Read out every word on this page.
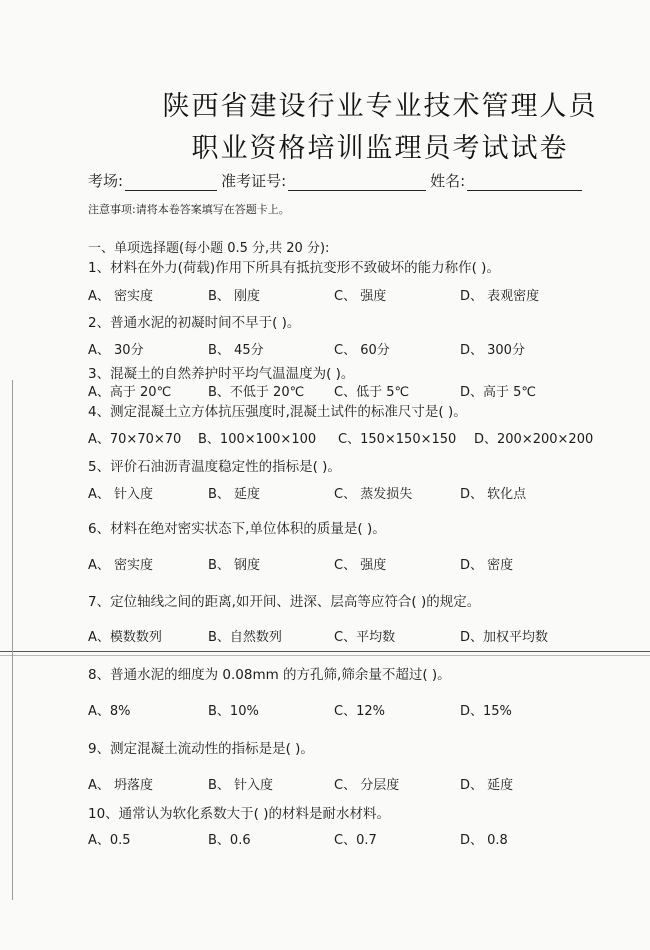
陕西省建设行业专业技术管理人员
职业资格培训监理员考试试卷
考场:	准考证号:	姓名:
注意事项:请将本卷答案填写在答题卡上。
一、单项选择题(每小题 0.5 分,共 20 分):
1、材料在外力(荷载)作用下所具有抵抗变形不致破坏的能力称作( )。
A、 密实度	B、 刚度	C、 强度	D、 表观密度
2、普通水泥的初凝时间不早于( )。
A、 30分	B、 45分	C、 60分	D、 300分
3、混凝土的自然养护时平均气温温度为( )。
A、高于 20℃	B、不低于 20℃ C、低于 5℃	D、高于 5℃
4、测定混凝土立方体抗压强度时,混凝土试件的标准尺寸是( )。
A、70×70×70 B、100×100×100 C、150×150×150 D、200×200×200
5、评价石油沥青温度稳定性的指标是( )。
A、 针入度	B、 延度	C、 蒸发损失	D、 软化点
6、材料在绝对密实状态下,单位体积的质量是( )。
A、 密实度	B、 钢度	C、 强度	D、 密度
7、定位轴线之间的距离,如开间、进深、层高等应符合( )的规定。
A、模数数列	B、自然数列	C、平均数	D、加权平均数
8、普通水泥的细度为 0.08mm 的方孔筛,筛余量不超过( )。
A、8%	B、10%	C、12%	D、15%
9、测定混凝土流动性的指标是是( )。
A、 坍落度	B、 针入度	C、 分层度	D、 延度
10、通常认为软化系数大于( )的材料是耐水材料。
A、0.5	B、0.6	C、0.7	D、 0.8
